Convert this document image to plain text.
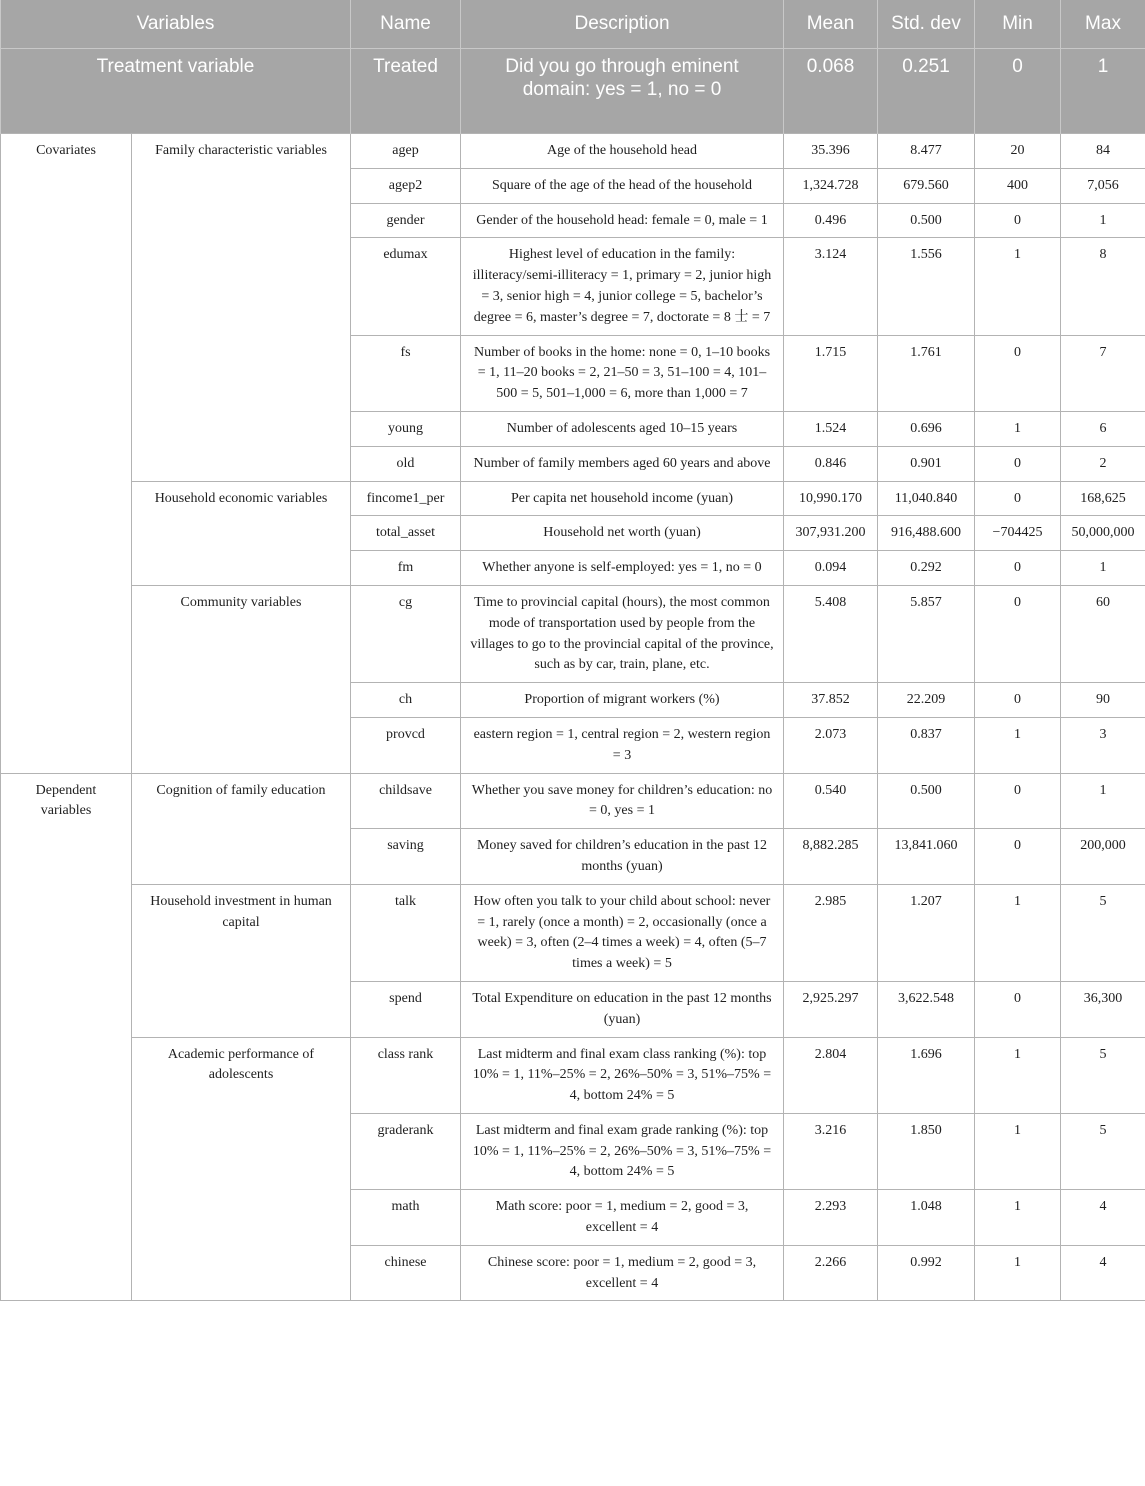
Variables		Name	Description	Mean	Std. dev	Min	Max
Treatment variable		Treated	Did you go through eminent domain: yes = 1, no = 0	0.068	0.251	0	1
Covariates	Family characteristic variables	agep	Age of the household head	35.396	8.477	20	84
		agep2	Square of the age of the head of the household	1,324.728	679.560	400	7,056
		gender	Gender of the household head: female = 0, male = 1	0.496	0.500	0	1
		edumax	Highest level of education in the family: illiteracy/semi-illiteracy = 1, primary = 2, junior high = 3, senior high = 4, junior college = 5, bachelor’s degree = 6, master’s degree = 7, doctorate = 8 士 = 7	3.124	1.556	1	8
		fs	Number of books in the home: none = 0, 1–10 books = 1, 11–20 books = 2, 21–50 = 3, 51–100 = 4, 101–500 = 5, 501–1,000 = 6, more than 1,000 = 7	1.715	1.761	0	7
		young	Number of adolescents aged 10–15 years	1.524	0.696	1	6
		old	Number of family members aged 60 years and above	0.846	0.901	0	2
	Household economic variables	fincome1_per	Per capita net household income (yuan)	10,990.170	11,040.840	0	168,625
		total_asset	Household net worth (yuan)	307,931.200	916,488.600	−704425	50,000,000
		fm	Whether anyone is self-employed: yes = 1, no = 0	0.094	0.292	0	1
	Community variables	cg	Time to provincial capital (hours), the most common mode of transportation used by people from the villages to go to the provincial capital of the province, such as by car, train, plane, etc.	5.408	5.857	0	60
		ch	Proportion of migrant workers (%)	37.852	22.209	0	90
		provcd	eastern region = 1, central region = 2, western region = 3	2.073	0.837	1	3
Dependent variables	Cognition of family education	childsave	Whether you save money for children’s education: no = 0, yes = 1	0.540	0.500	0	1
		saving	Money saved for children’s education in the past 12 months (yuan)	8,882.285	13,841.060	0	200,000
	Household investment in human capital	talk	How often you talk to your child about school: never = 1, rarely (once a month) = 2, occasionally (once a week) = 3, often (2–4 times a week) = 4, often (5–7 times a week) = 5	2.985	1.207	1	5
		spend	Total Expenditure on education in the past 12 months (yuan)	2,925.297	3,622.548	0	36,300
	Academic performance of adolescents	class rank	Last midterm and final exam class ranking (%): top 10% = 1, 11%–25% = 2, 26%–50% = 3, 51%–75% = 4, bottom 24% = 5	2.804	1.696	1	5
		graderank	Last midterm and final exam grade ranking (%): top 10% = 1, 11%–25% = 2, 26%–50% = 3, 51%–75% = 4, bottom 24% = 5	3.216	1.850	1	5
		math	Math score: poor = 1, medium = 2, good = 3, excellent = 4	2.293	1.048	1	4
		chinese	Chinese score: poor = 1, medium = 2, good = 3, excellent = 4	2.266	0.992	1	4
